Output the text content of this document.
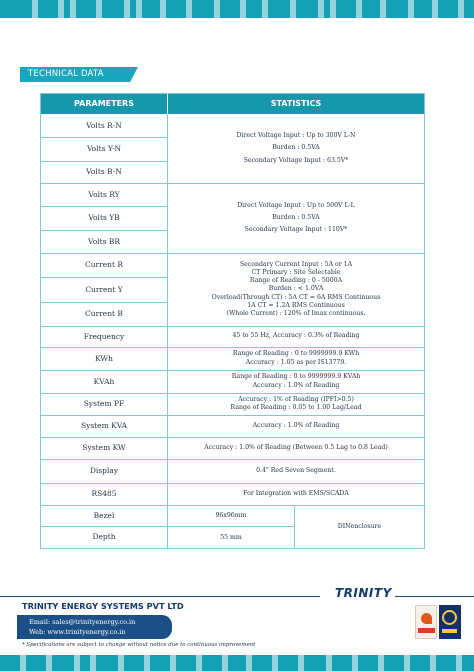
TECHNICAL DATA
PARAMETERS	STATISTICS
Volts R-N
Volts Y-N
Volts B-N
Volts RY
Volts YB
Volts BR
Current R
Current Y
Current B
Frequency
KWh
KVAh
System PF
System KVA
System KW
Display
RS485
Bezel
Depth
Direct Voltage Input : Up to 300V L-N
Burden : 0.5VA
Secondary Voltage Input : 63.5V*
Direct Voltage Input : Up to 500V L-L
Burden : 0.5VA
Secondary Voltage Input : 110V*
Secondary Current Input : 5A or 1A
CT Primary : Site Selectable
Range of Reading : 0 - 5000A
Burden : < 1.0VA
Overload(Through CT) : 5A CT = 6A RMS Continuous
1A CT = 1.2A RMS Continuous
(Whole Current) : 120% of Imax continuous.
45 to 55 Hz, Accuracy : 0.3% of Reading
Range of Reading : 0 to 9999999.9 KWh
Accuracy : 1.05 as per IS13779.
Range of Reading : 0 to 9999999.9 KVAh
Accuracy : 1.0% of Reading
Accuracy : 1% of Reading (IPFI>0.5)
Range of Reading : 0.05 to 1.00 Lag/Lead
Accuracy : 1.0% of Reading
Accuracy : 1.0% of Reading (Between 0.5 Lag to 0.8 Lead)
0.4" Red Seven Segment.
For Integration with EMS/SCADA
96x96mm
55 mm
DINenclosure
TRINITY
TRINITY ENERGY SYSTEMS PVT LTD
Email: sales@trinityenergy.co.in
Web: www.trinityenergy.co.in
* Specifications are subject to change without notice due to continuous improvement
